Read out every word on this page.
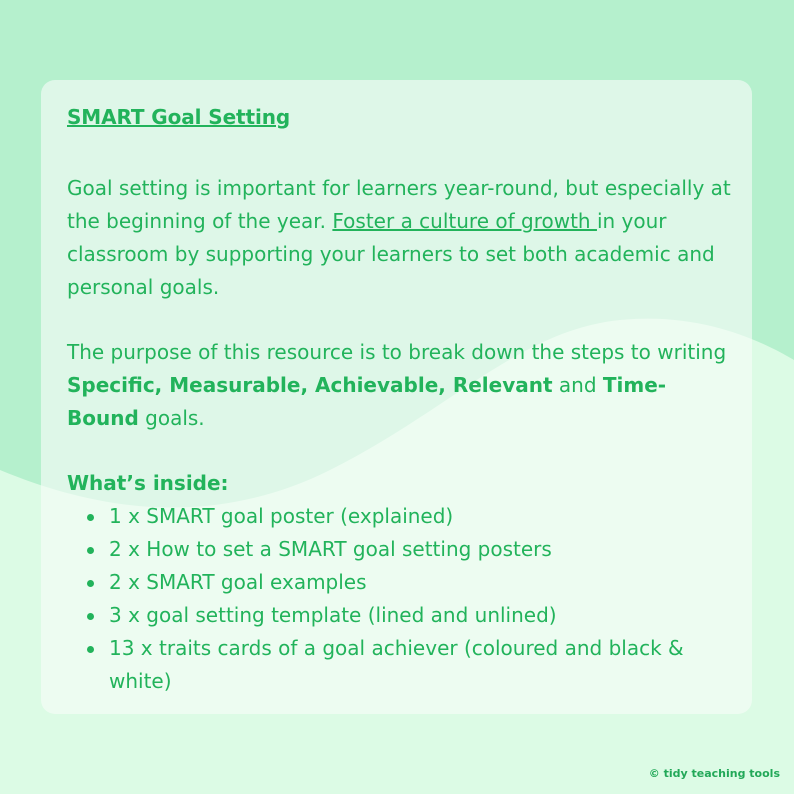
SMART Goal Setting

Goal setting is important for learners year-round, but especially at the beginning of the year. Foster a culture of growth in your classroom by supporting your learners to set both academic and personal goals.

The purpose of this resource is to break down the steps to writing Specific, Measurable, Achievable, Relevant and Time-Bound goals.

What’s inside:
1 x SMART goal poster (explained)
2 x How to set a SMART goal setting posters
2 x SMART goal examples
3 x goal setting template (lined and unlined)
13 x traits cards of a goal achiever (coloured and black & white)
© tidy teaching tools
